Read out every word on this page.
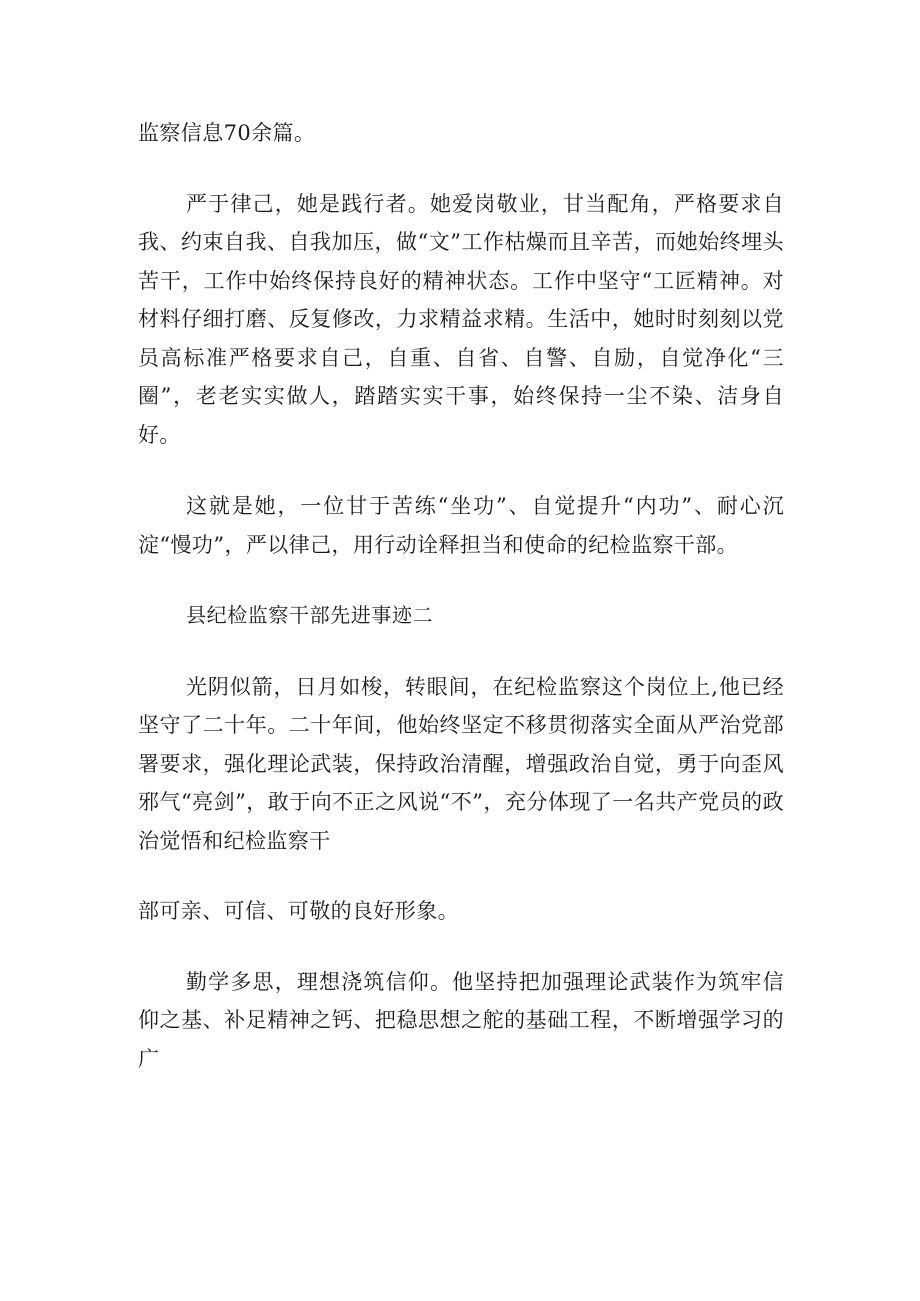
监察信息70余篇。

严于律己，她是践行者。她爱岗敬业，甘当配角，严格要求自我、约束自我、自我加压，做“文”工作枯燥而且辛苦，而她始终埋头苦干，工作中始终保持良好的精神状态。工作中坚守“工匠精神。对材料仔细打磨、反复修改，力求精益求精。生活中，她时时刻刻以党员高标准严格要求自己，自重、自省、自警、自励，自觉净化“三圈”，老老实实做人，踏踏实实干事，始终保持一尘不染、洁身自好。

这就是她，一位甘于苦练“坐功”、自觉提升“内功”、耐心沉淀“慢功”，严以律己，用行动诠释担当和使命的纪检监察干部。

县纪检监察干部先进事迹二

光阴似箭，日月如梭，转眼间，在纪检监察这个岗位上,他已经坚守了二十年。二十年间，他始终坚定不移贯彻落实全面从严治党部署要求，强化理论武装，保持政治清醒，增强政治自觉，勇于向歪风邪气“亮剑”，敢于向不正之风说“不”，充分体现了一名共产党员的政治觉悟和纪检监察干

部可亲、可信、可敬的良好形象。

勤学多思，理想浇筑信仰。他坚持把加强理论武装作为筑牢信仰之基、补足精神之钙、把稳思想之舵的基础工程，不断增强学习的广
